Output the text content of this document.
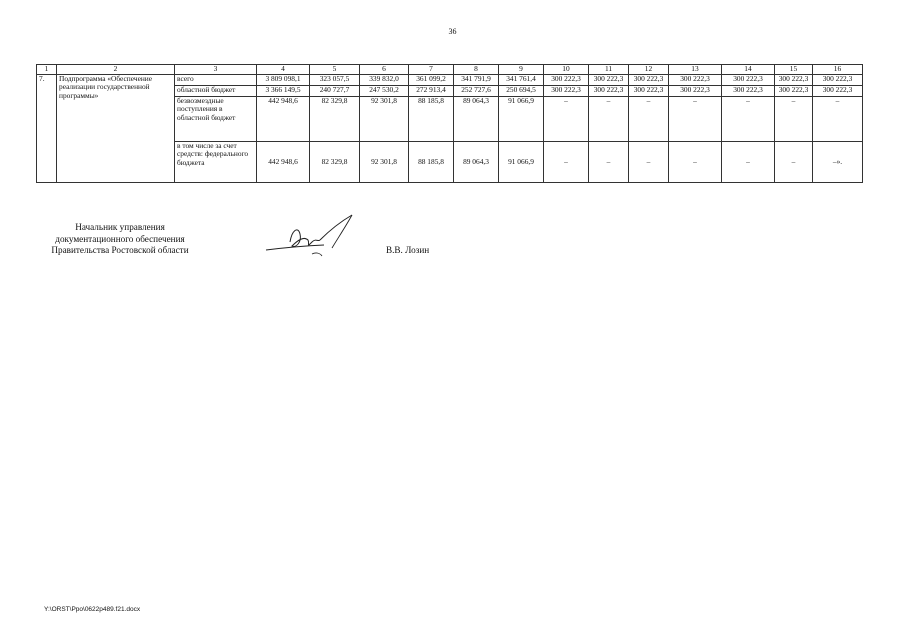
36
1	2	3	4	5	6	7	8	9	10	11	12	13	14	15	16
7.	Подпрограмма «Обеспечение реализации государственной программы»	всего	3 809 098,1	323 057,5	339 832,0	361 099,2	341 791,9	341 761,4	300 222,3	300 222,3	300 222,3	300 222,3	300 222,3	300 222,3	300 222,3
		областной бюджет	3 366 149,5	240 727,7	247 530,2	272 913,4	252 727,6	250 694,5	300 222,3	300 222,3	300 222,3	300 222,3	300 222,3	300 222,3	300 222,3
		безвозмездные поступления в областной бюджет	442 948,6	82 329,8	92 301,8	88 185,8	89 064,3	91 066,9	–	–	–	–	–	–	–
		в том числе за счет средств: федерального бюджета	442 948,6	82 329,8	92 301,8	88 185,8	89 064,3	91 066,9	–	–	–	–	–	–	–».
Начальник управления
документационного обеспечения
Правительства Ростовской области	В.В. Лозин
Y:\ORST\Ppo\0622p489.f21.docx
